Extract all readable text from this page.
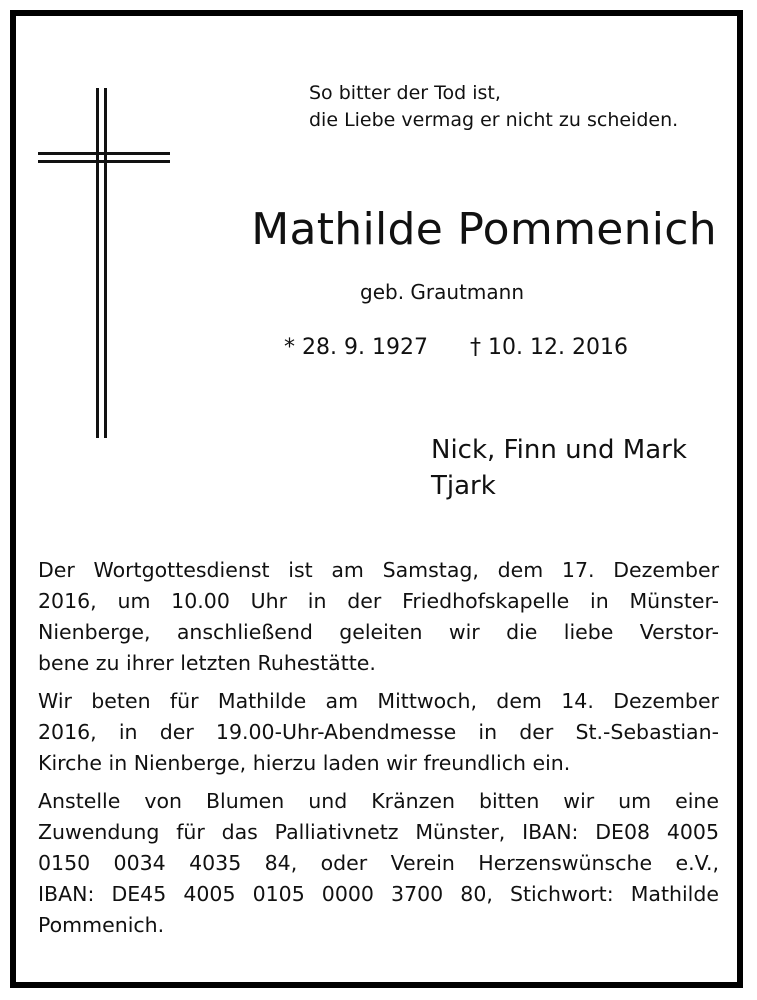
So bitter der Tod ist,
die Liebe vermag er nicht zu scheiden.
Mathilde Pommenich
geb. Grautmann
* 28. 9. 1927 † 10. 12. 2016
Nick, Finn und Mark
Tjark
Der Wortgottesdienst ist am Samstag, dem 17. Dezember
2016, um 10.00 Uhr in der Friedhofskapelle in Münster-
Nienberge, anschließend geleiten wir die liebe Verstor-
bene zu ihrer letzten Ruhestätte.
Wir beten für Mathilde am Mittwoch, dem 14. Dezember
2016, in der 19.00-Uhr-Abendmesse in der St.-Sebastian-
Kirche in Nienberge, hierzu laden wir freundlich ein.
Anstelle von Blumen und Kränzen bitten wir um eine
Zuwendung für das Palliativnetz Münster, IBAN: DE08 4005
0150 0034 4035 84, oder Verein Herzenswünsche e.V.,
IBAN: DE45 4005 0105 0000 3700 80, Stichwort: Mathilde
Pommenich.
